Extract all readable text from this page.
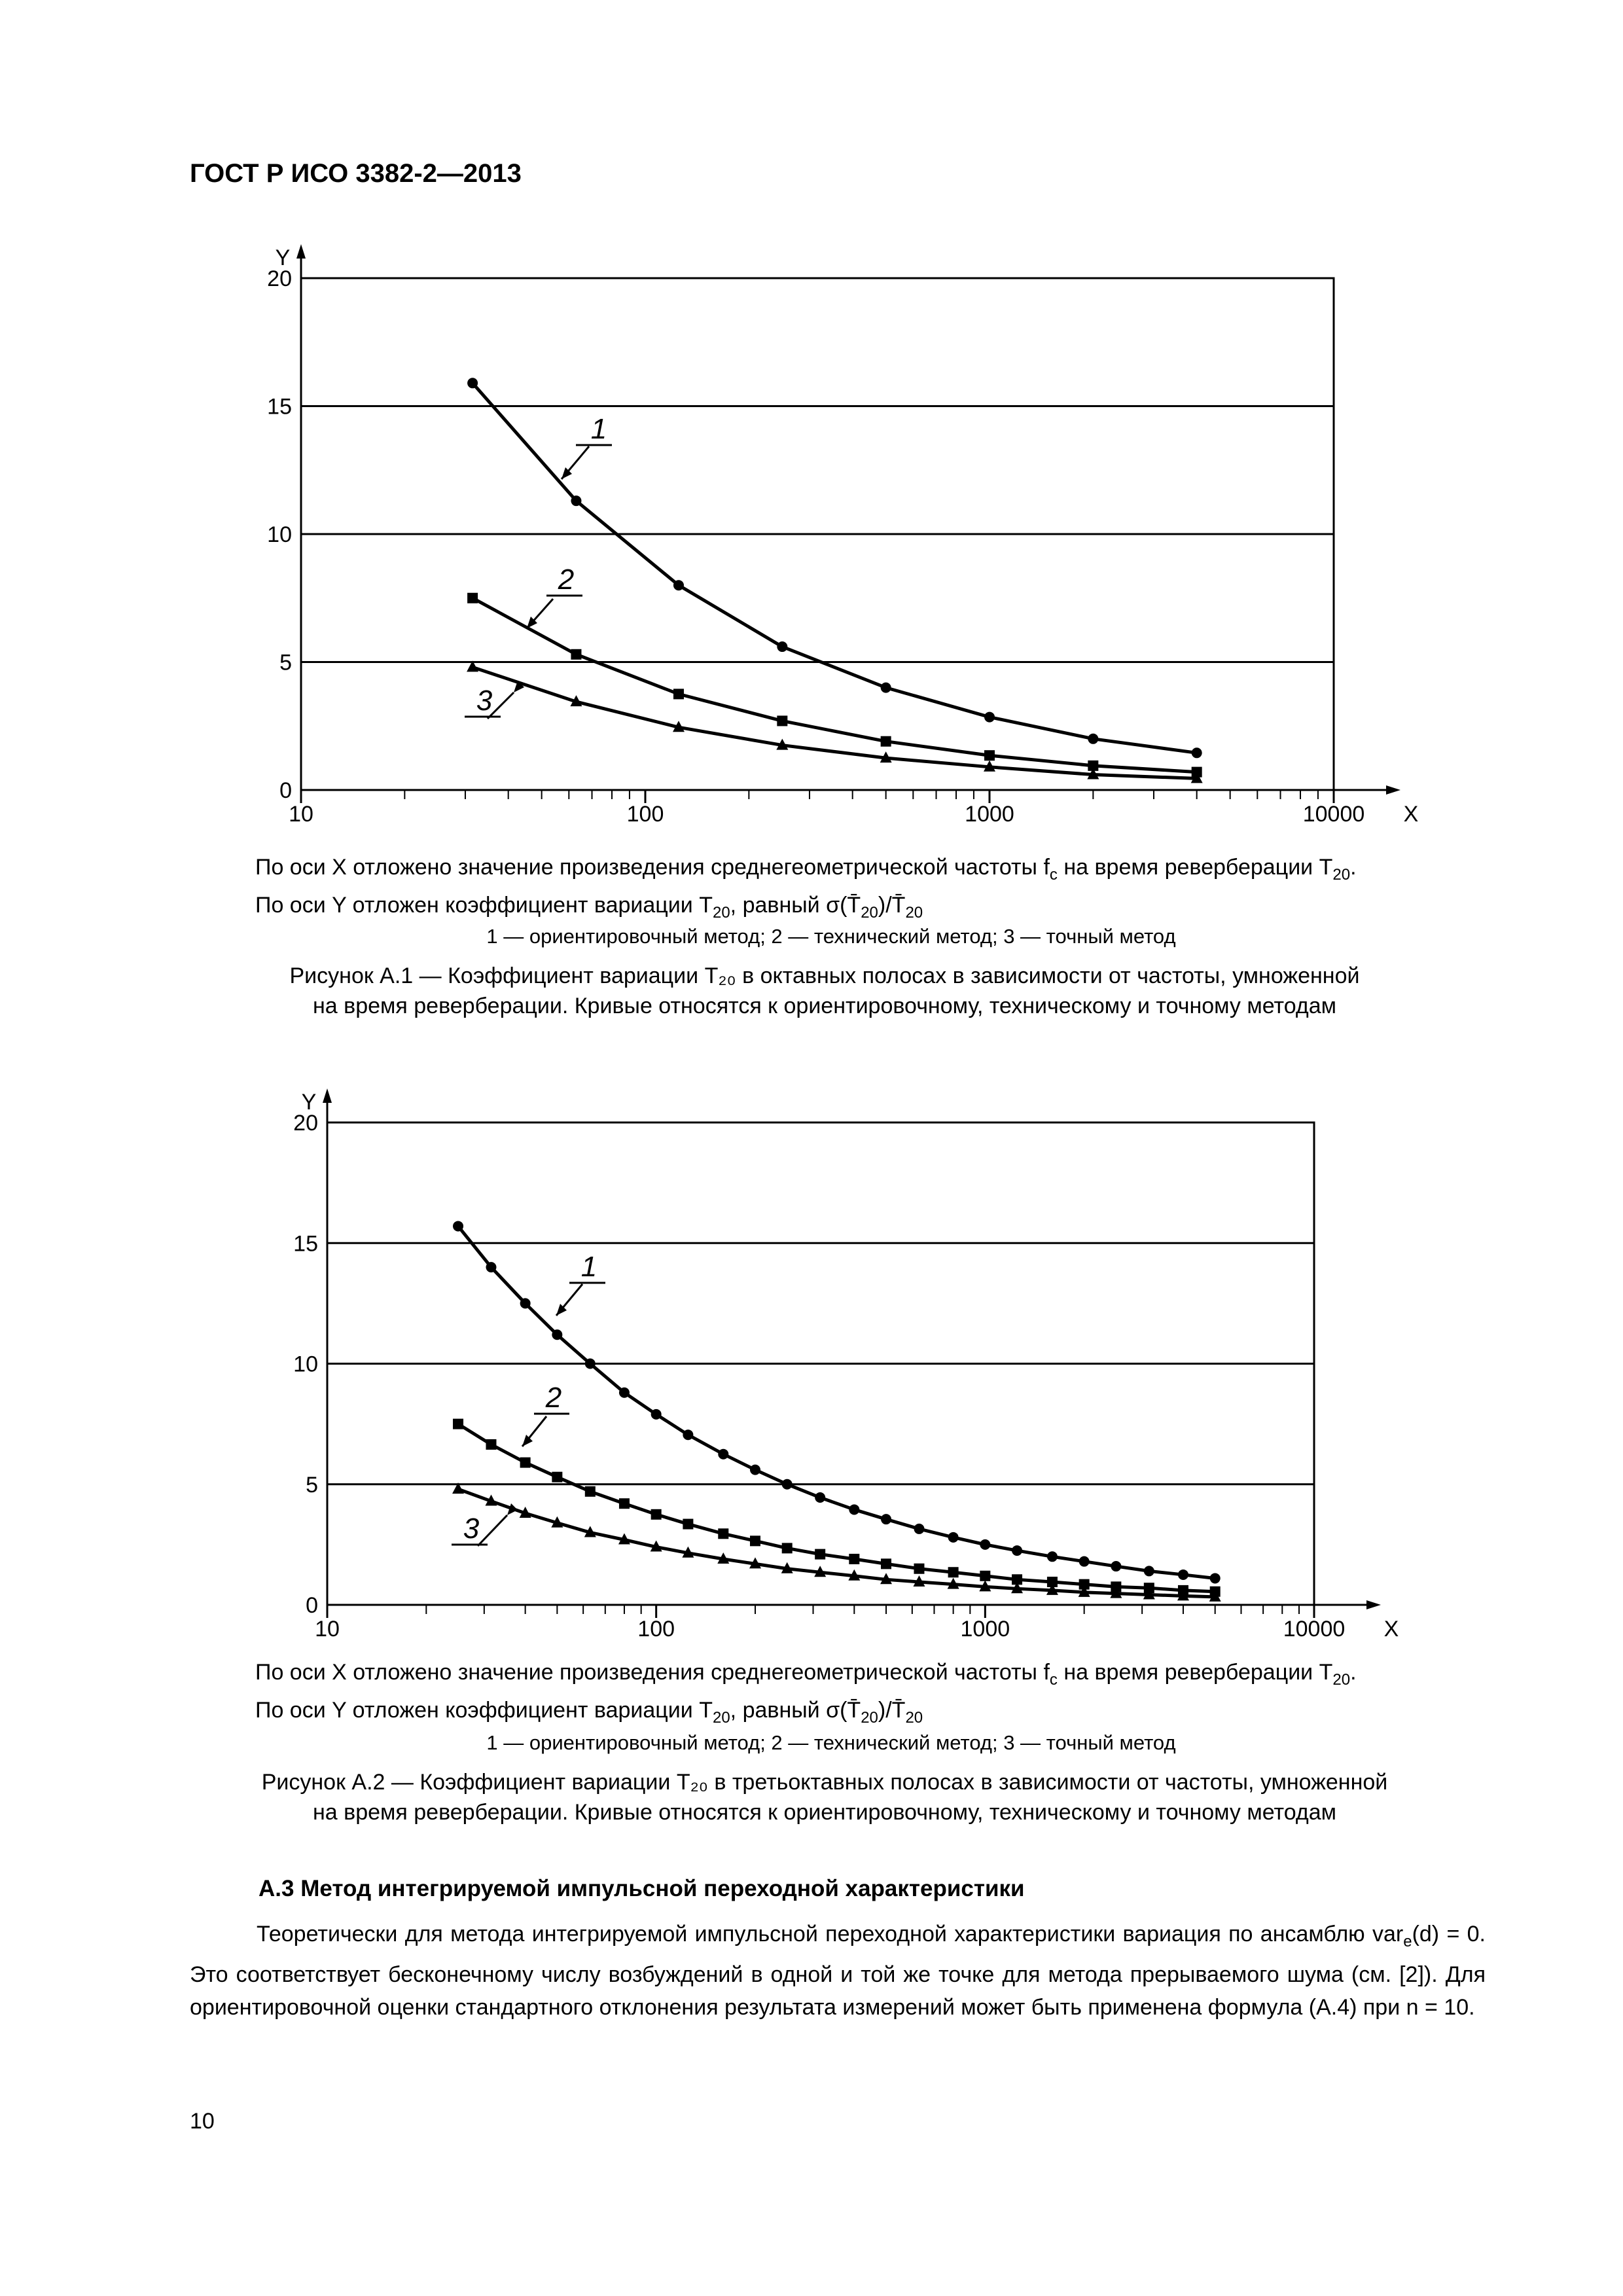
ГОСТ Р ИСО 3382-2—2013
0
5
10
15
20
Y
X
10	100	1000	10000
1
2
3

По оси X отложено значение произведения среднегеометрической частоты $f_c$ на время реверберации $T_{20}$.

По оси Y отложен коэффициент вариации $T_{20}$, равный $\sigma(T̄_{20})/T̄_{20}$

1 — ориентировочный метод; 2 — технический метод; 3 — точный метод

Рисунок А.1 — Коэффициент вариации T₂₀ в октавных полосах в зависимости от частоты, умноженной

на время реверберации. Кривые относятся к ориентировочному, техническому и точному методам

0
5
10
15
20
Y
X
10	100	1000	10000
1
2
3

По оси X отложено значение произведения среднегеометрической частоты $f_c$ на время реверберации $T_{20}$.

По оси Y отложен коэффициент вариации $T_{20}$, равный $\sigma(T̄_{20})/T̄_{20}$

1 — ориентировочный метод; 2 — технический метод; 3 — точный метод

Рисунок А.2 — Коэффициент вариации T₂₀ в третьоктавных полосах в зависимости от частоты, умноженной

на время реверберации. Кривые относятся к ориентировочному, техническому и точному методам

A.3 Метод интегрируемой импульсной переходной характеристики

   Теоретически для метода интегрируемой импульсной переходной характеристики вариация по ансамблю var$_e$(d) = 0. Это соответствует бесконечному числу возбуждений в одной и той же точке для метода прерываемого шума (см. [2]). Для ориентировочной оценки стандартного отклонения результата измерений может быть применена формула (А.4) при n = 10.

10
